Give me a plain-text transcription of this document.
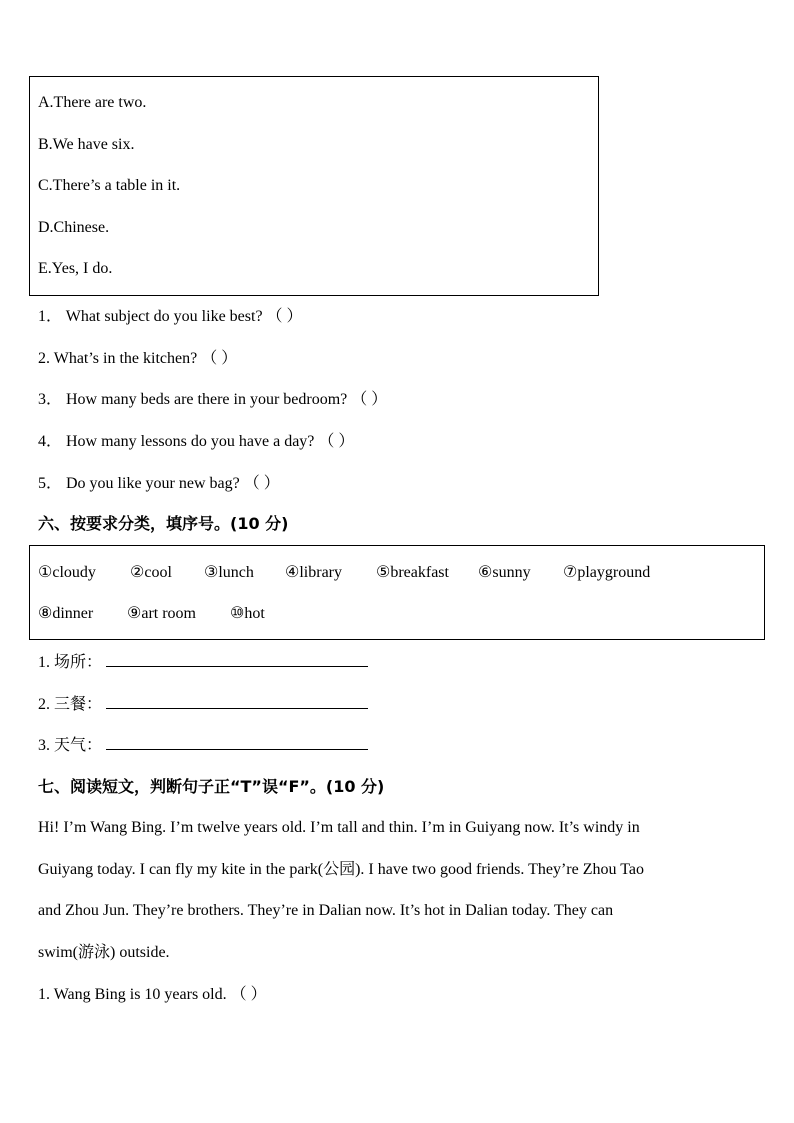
A.There are two.
B.We have six.
C.There’s a table in it.
D.Chinese.
E.Yes, I do.
1． What subject do you like best? （ ）
2. What’s in the kitchen? （ ）
3． How many beds are there in your bedroom? （ ）
4． How many lessons do you have a day? （ ）
5． Do you like your new bag? （ ）
六、按要求分类，填序号。(10 分)
①cloudy ②cool ③lunch ④library ⑤breakfast ⑥sunny ⑦playground
⑧dinner ⑨art room ⑩hot
1. 场所：
2. 三餐：
3. 天气：
七、阅读短文，判断句子正“T”误“F”。(10 分)
Hi! I’m Wang Bing. I’m twelve years old. I’m tall and thin. I’m in Guiyang now. It’s windy in
Guiyang today. I can fly my kite in the park(公园). I have two good friends. They’re Zhou Tao
and Zhou Jun. They’re brothers. They’re in Dalian now. It’s hot in Dalian today. They can
swim(游泳) outside.
1. Wang Bing is 10 years old. （ ）
